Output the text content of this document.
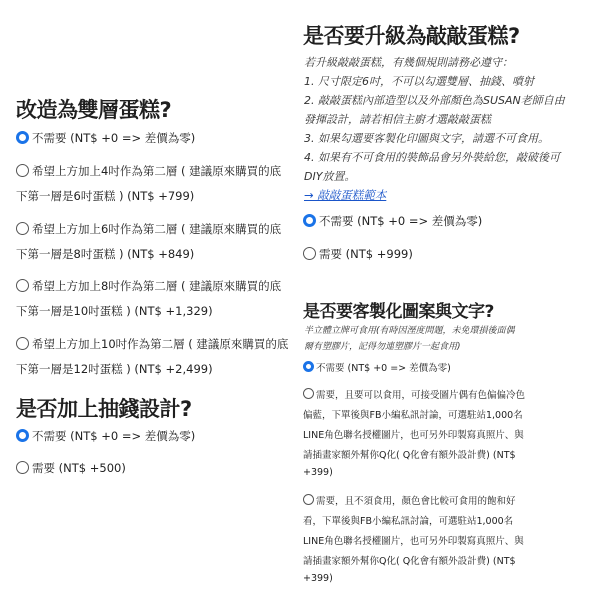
改造為雙層蛋糕?
不需要 (NT$ +0 => 差價為零)
希望上方加上4吋作為第二層 ( 建議原來購買的底
下第一層是6吋蛋糕 ) (NT$ +799)
希望上方加上6吋作為第二層 ( 建議原來購買的底
下第一層是8吋蛋糕 ) (NT$ +849)
希望上方加上8吋作為第二層 ( 建議原來購買的底
下第一層是10吋蛋糕 ) (NT$ +1,329)
希望上方加上10吋作為第二層 ( 建議原來購買的底
下第一層是12吋蛋糕 ) (NT$ +2,499)
是否加上抽錢設計?
不需要 (NT$ +0 => 差價為零)
需要 (NT$ +500)
是否要升級為敲敲蛋糕?
若升級敲敲蛋糕，有幾個規則請務必遵守：
1. 尺寸限定6吋，不可以勾選雙層、抽錢、噴射
2. 敲敲蛋糕內部造型以及外部顏色為SUSAN老師自由
發揮設計，請若相信主廚才選敲敲蛋糕
3. 如果勾選要客製化印圖與文字，請選不可食用。
4. 如果有不可食用的裝飾品會另外裝給您，敲破後可
DIY放置。
→ 敲敲蛋糕範本
不需要 (NT$ +0 => 差價為零)
需要 (NT$ +999)
是否要客製化圖案與文字?
半立體立牌可食用(有時因溼度問題，未免環損後面偶
爾有塑膠片，記得勿連塑膠片一起食用)
不需要 (NT$ +0 => 差價為零)
需要，且要可以食用，可接受圖片偶有色偏偏冷色
偏藍，下單後與FB小編私訊討論，可選駐站1,000名
LINE角色聯名授權圖片，也可另外印製寫真照片、與
請插畫家額外幫你Q化( Q化會有額外設計費) (NT$
+399)
需要，且不須食用，顏色會比較可食用的飽和好
看，下單後與FB小編私訊討論，可選駐站1,000名
LINE角色聯名授權圖片，也可另外印製寫真照片、與
請插畫家額外幫你Q化( Q化會有額外設計費) (NT$
+399)
